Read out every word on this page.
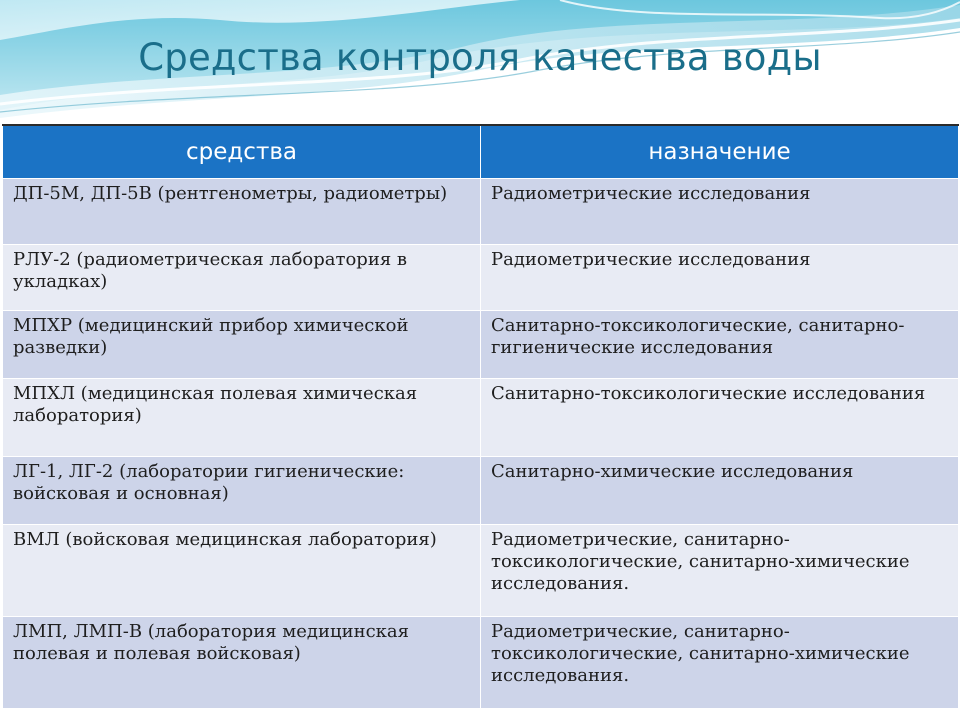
Средства контроля качества воды
средства	назначение
ДП-5М, ДП-5В (рентгенометры, радиометры)	Радиометрические исследования
РЛУ-2 (радиометрическая лаборатория в укладках)	Радиометрические исследования
МПХР (медицинский прибор химической разведки)	Санитарно-токсикологические, санитарно-гигиенические исследования
МПХЛ (медицинская полевая химическая лаборатория)	Санитарно-токсикологические исследования
ЛГ-1, ЛГ-2 (лаборатории гигиенические: войсковая и основная)	Санитарно-химические исследования
ВМЛ (войсковая медицинская лаборатория)	Радиометрические, санитарно-токсикологические, санитарно-химические исследования.
ЛМП, ЛМП-В (лаборатория медицинская полевая и полевая войсковая)	Радиометрические, санитарно-токсикологические, санитарно-химические исследования.
